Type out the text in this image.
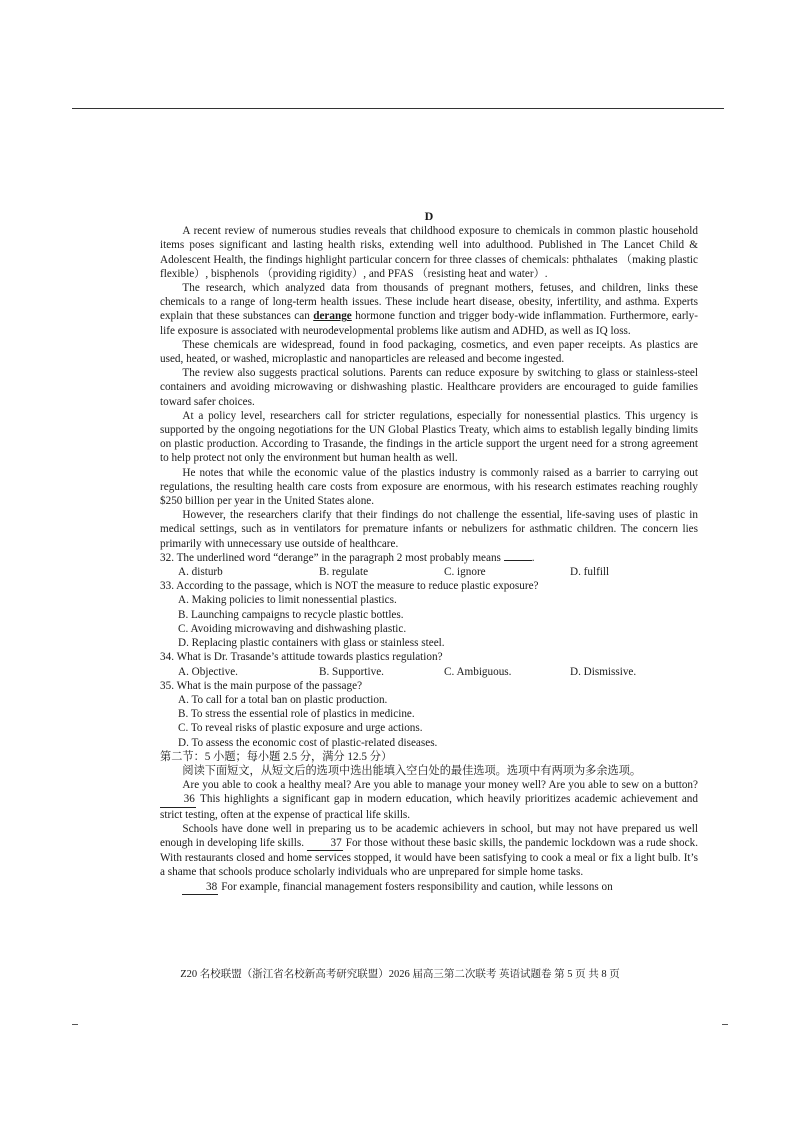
D

A recent review of numerous studies reveals that childhood exposure to chemicals in common plastic household items poses significant and lasting health risks, extending well into adulthood. Published in The Lancet Child & Adolescent Health, the findings highlight particular concern for three classes of chemicals: phthalates （making plastic flexible）, bisphenols （providing rigidity）, and PFAS （resisting heat and water）.

The research, which analyzed data from thousands of pregnant mothers, fetuses, and children, links these chemicals to a range of long-term health issues. These include heart disease, obesity, infertility, and asthma. Experts explain that these substances can derange hormone function and trigger body-wide inflammation. Furthermore, early-life exposure is associated with neurodevelopmental problems like autism and ADHD, as well as IQ loss.

These chemicals are widespread, found in food packaging, cosmetics, and even paper receipts. As plastics are used, heated, or washed, microplastic and nanoparticles are released and become ingested.

The review also suggests practical solutions. Parents can reduce exposure by switching to glass or stainless-steel containers and avoiding microwaving or dishwashing plastic. Healthcare providers are encouraged to guide families toward safer choices.

At a policy level, researchers call for stricter regulations, especially for nonessential plastics. This urgency is supported by the ongoing negotiations for the UN Global Plastics Treaty, which aims to establish legally binding limits on plastic production. According to Trasande, the findings in the article support the urgent need for a strong agreement to help protect not only the environment but human health as well.

He notes that while the economic value of the plastics industry is commonly raised as a barrier to carrying out regulations, the resulting health care costs from exposure are enormous, with his research estimates reaching roughly $250 billion per year in the United States alone.

However, the researchers clarify that their findings do not challenge the essential, life-saving uses of plastic in medical settings, such as in ventilators for premature infants or nebulizers for asthmatic children. The concern lies primarily with unnecessary use outside of healthcare.

32. The underlined word “derange” in the paragraph 2 most probably means	.
A. disturb	B. regulate	C. ignore	D. fulfill
33. According to the passage, which is NOT the measure to reduce plastic exposure?
A. Making policies to limit nonessential plastics.
B. Launching campaigns to recycle plastic bottles.
C. Avoiding microwaving and dishwashing plastic.
D. Replacing plastic containers with glass or stainless steel.
34. What is Dr. Trasande’s attitude towards plastics regulation?
A. Objective.	B. Supportive.	C. Ambiguous.	D. Dismissive.
35. What is the main purpose of the passage?
A. To call for a total ban on plastic production.
B. To stress the essential role of plastics in medicine.
C. To reveal risks of plastic exposure and urge actions.
D. To assess the economic cost of plastic-related diseases.
第二节：5 小题；每小题 2.5 分，满分 12.5 分）

阅读下面短文，从短文后的选项中选出能填入空白处的最佳选项。选项中有两项为多余选项。

Are you able to cook a healthy meal? Are you able to manage your money well? Are you able to sew on a button? 36 This highlights a significant gap in modern education, which heavily prioritizes academic achievement and strict testing, often at the expense of practical life skills.

Schools have done well in preparing us to be academic achievers in school, but may not have prepared us well enough in developing life skills. 37 For those without these basic skills, the pandemic lockdown was a rude shock. With restaurants closed and home services stopped, it would have been satisfying to cook a meal or fix a light bulb. It’s a shame that schools produce scholarly individuals who are unprepared for simple home tasks.

38 For example, financial management fosters responsibility and caution, while lessons on

Z20 名校联盟（浙江省名校新高考研究联盟）2026 届高三第二次联考 英语试题卷 第 5 页 共 8 页
